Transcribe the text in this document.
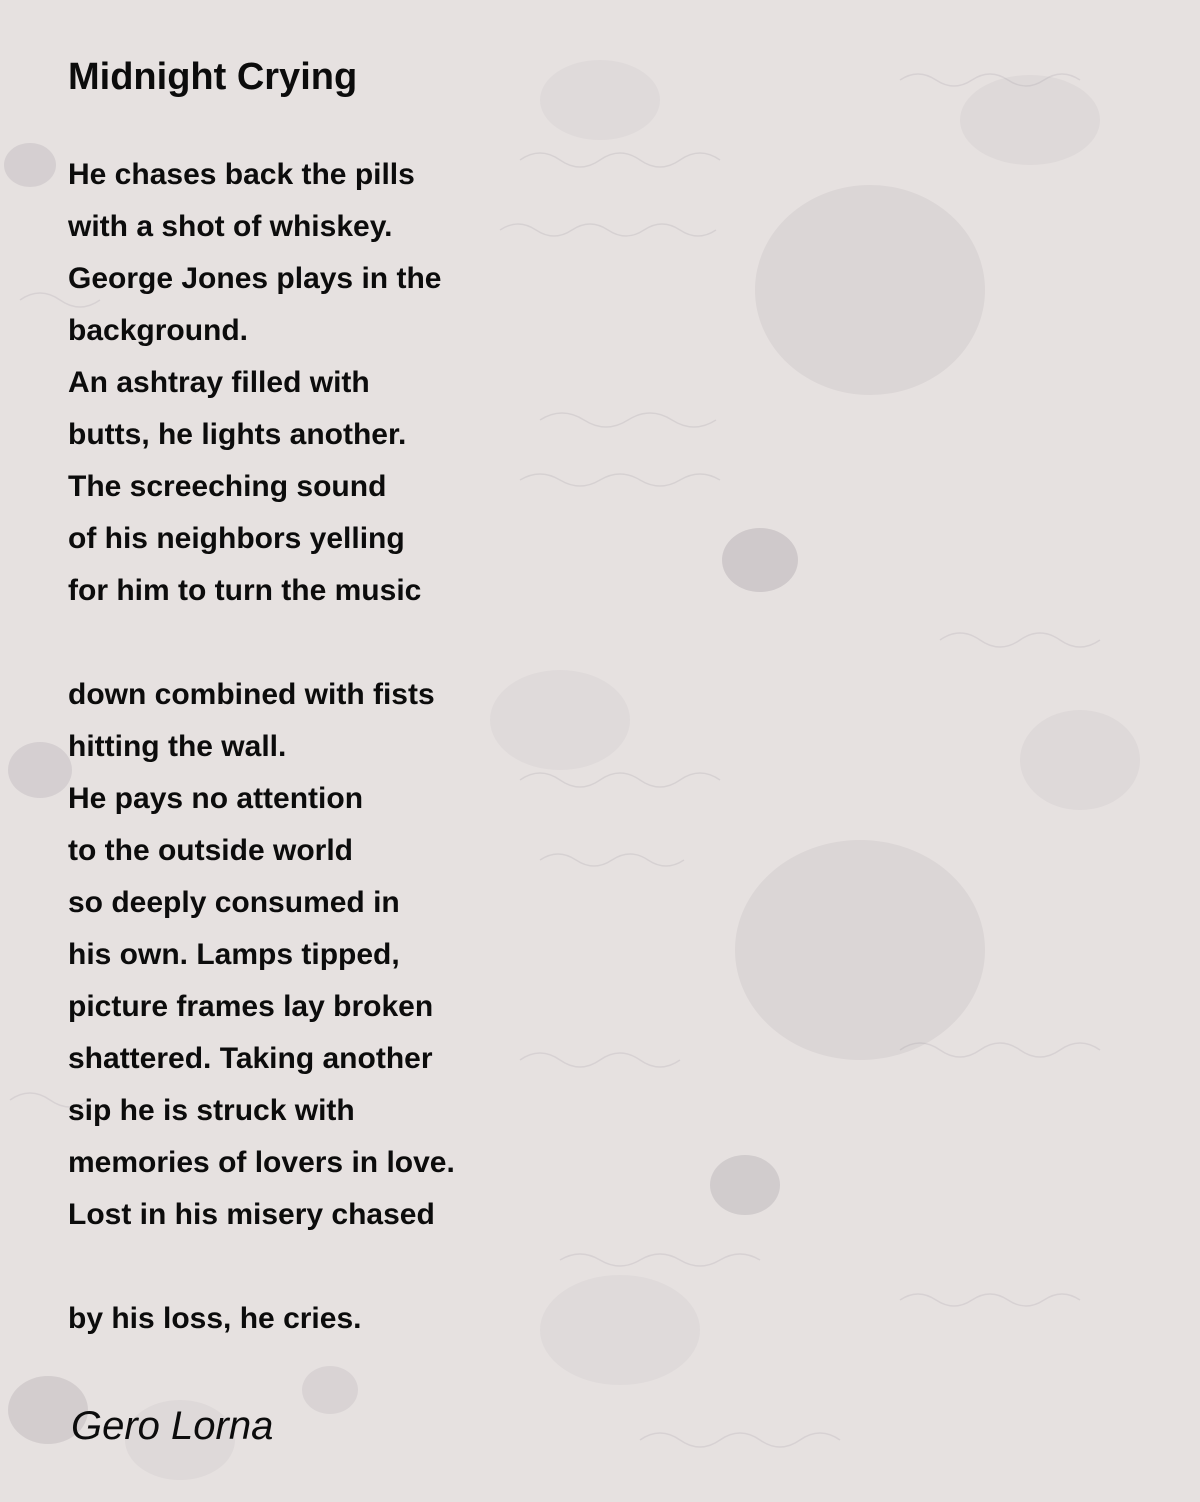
Midnight Crying
He chases back the pills
with a shot of whiskey.
George Jones plays in the
background.
An ashtray filled with
butts, he lights another.
The screeching sound
of his neighbors yelling
for him to turn the music
down combined with fists
hitting the wall.
He pays no attention
to the outside world
so deeply consumed in
his own. Lamps tipped,
picture frames lay broken
shattered. Taking another
sip he is struck with
memories of lovers in love.
Lost in his misery chased
by his loss, he cries.
Gero Lorna
